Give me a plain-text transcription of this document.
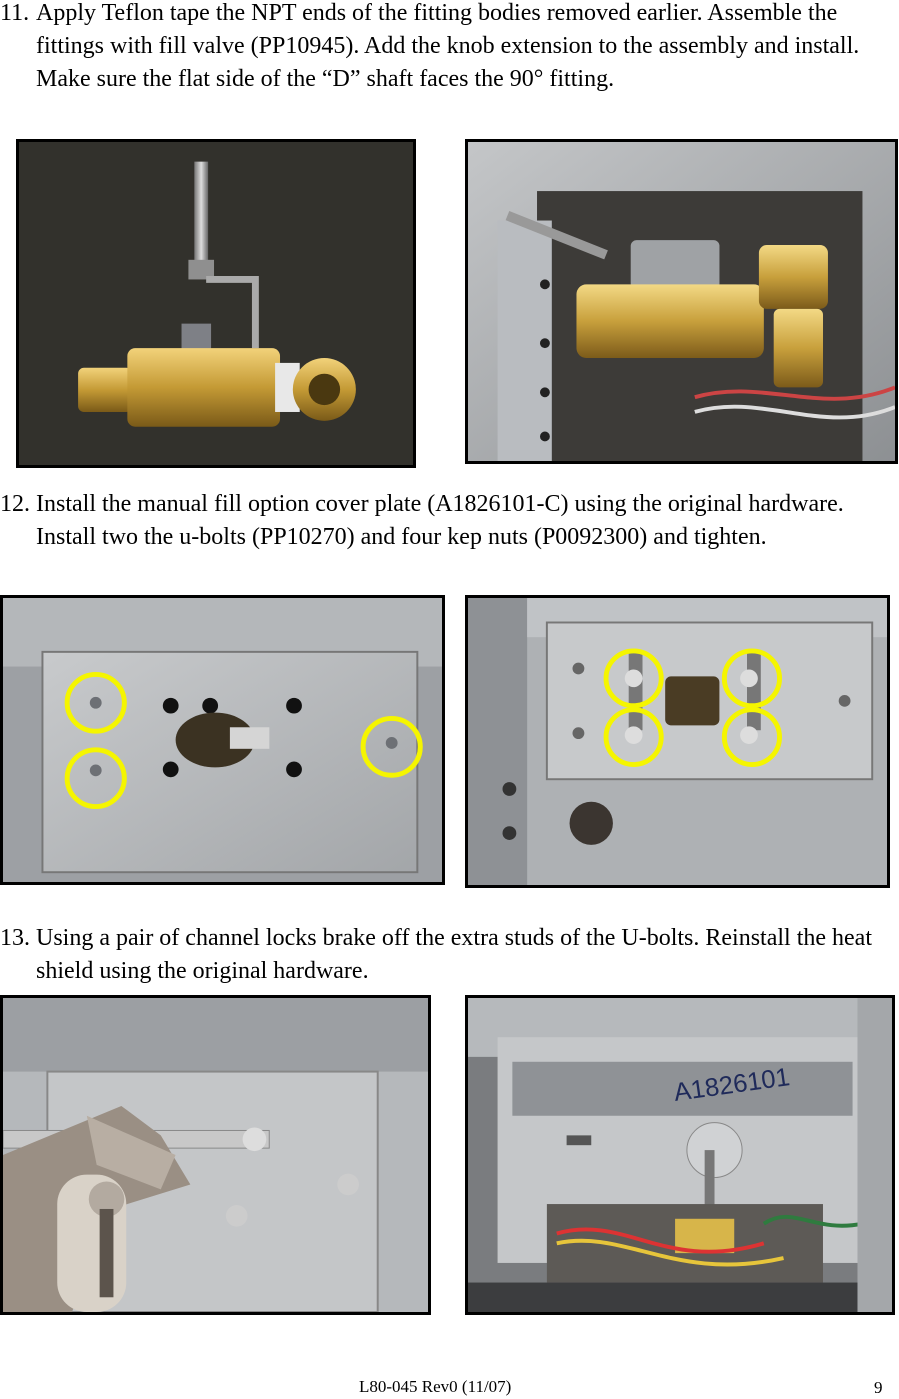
11. Apply Teflon tape the NPT ends of the fitting bodies removed earlier. Assemble the fittings with fill valve (PP10945). Add the knob extension to the assembly and install. Make sure the flat side of the “D” shaft faces the 90° fitting.
12. Install the manual fill option cover plate (A1826101-C) using the original hardware. Install two the u-bolts (PP10270) and four kep nuts (P0092300) and tighten.
13. Using a pair of channel locks brake off the extra studs of the U-bolts. Reinstall the heat shield using the original hardware.
A1826101
L80-045 Rev0 (11/07)	9
